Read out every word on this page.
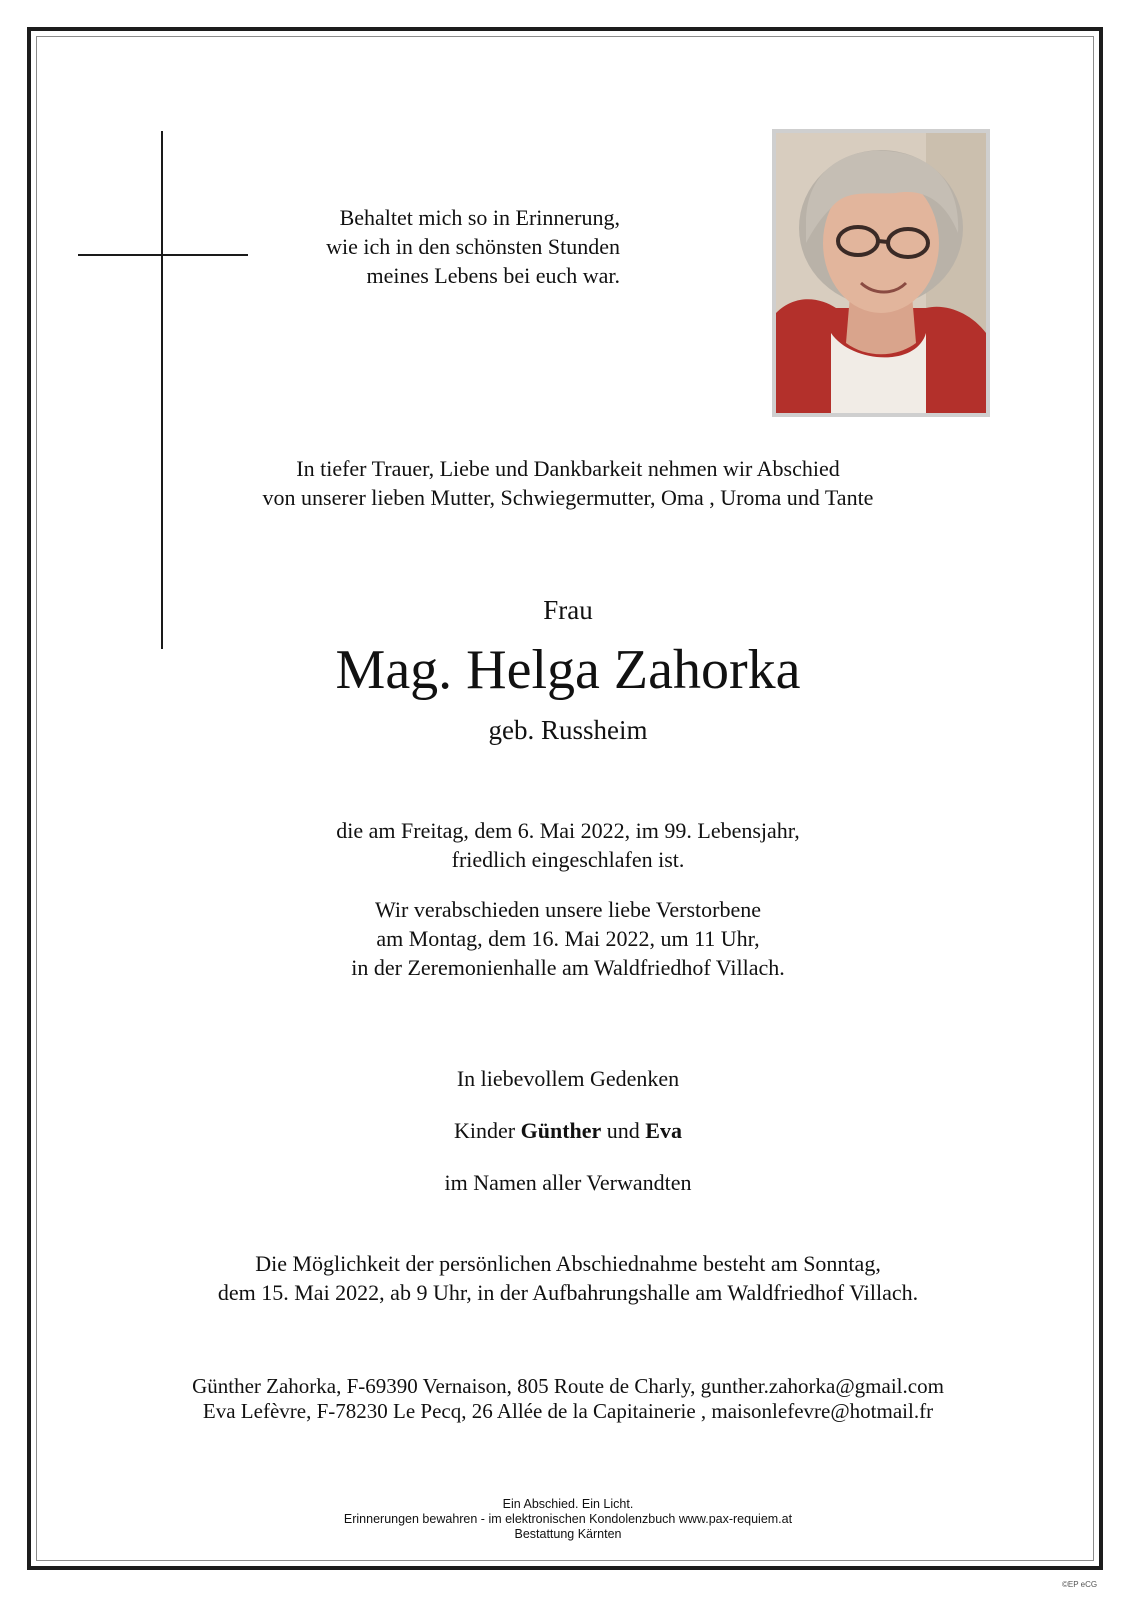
Behaltet mich so in Erinnerung,
wie ich in den schönsten Stunden
meines Lebens bei euch war.
In tiefer Trauer, Liebe und Dankbarkeit nehmen wir Abschied
von unserer lieben Mutter, Schwiegermutter, Oma , Uroma und Tante
Frau
Mag. Helga Zahorka
geb. Russheim
die am Freitag, dem 6. Mai 2022, im 99. Lebensjahr,
friedlich eingeschlafen ist.
Wir verabschieden unsere liebe Verstorbene
am Montag, dem 16. Mai 2022, um 11 Uhr,
in der Zeremonienhalle am Waldfriedhof Villach.
In liebevollem Gedenken
Kinder Günther und Eva
im Namen aller Verwandten
Die Möglichkeit der persönlichen Abschiednahme besteht am Sonntag,
dem 15. Mai 2022, ab 9 Uhr, in der Aufbahrungshalle am Waldfriedhof Villach.
Günther Zahorka, F-69390 Vernaison, 805 Route de Charly, gunther.zahorka@gmail.com
Eva Lefèvre, F-78230 Le Pecq, 26 Allée de la Capitainerie , maisonlefevre@hotmail.fr
Ein Abschied. Ein Licht.
Erinnerungen bewahren - im elektronischen Kondolenzbuch www.pax-requiem.at
Bestattung Kärnten
©EP eCG
